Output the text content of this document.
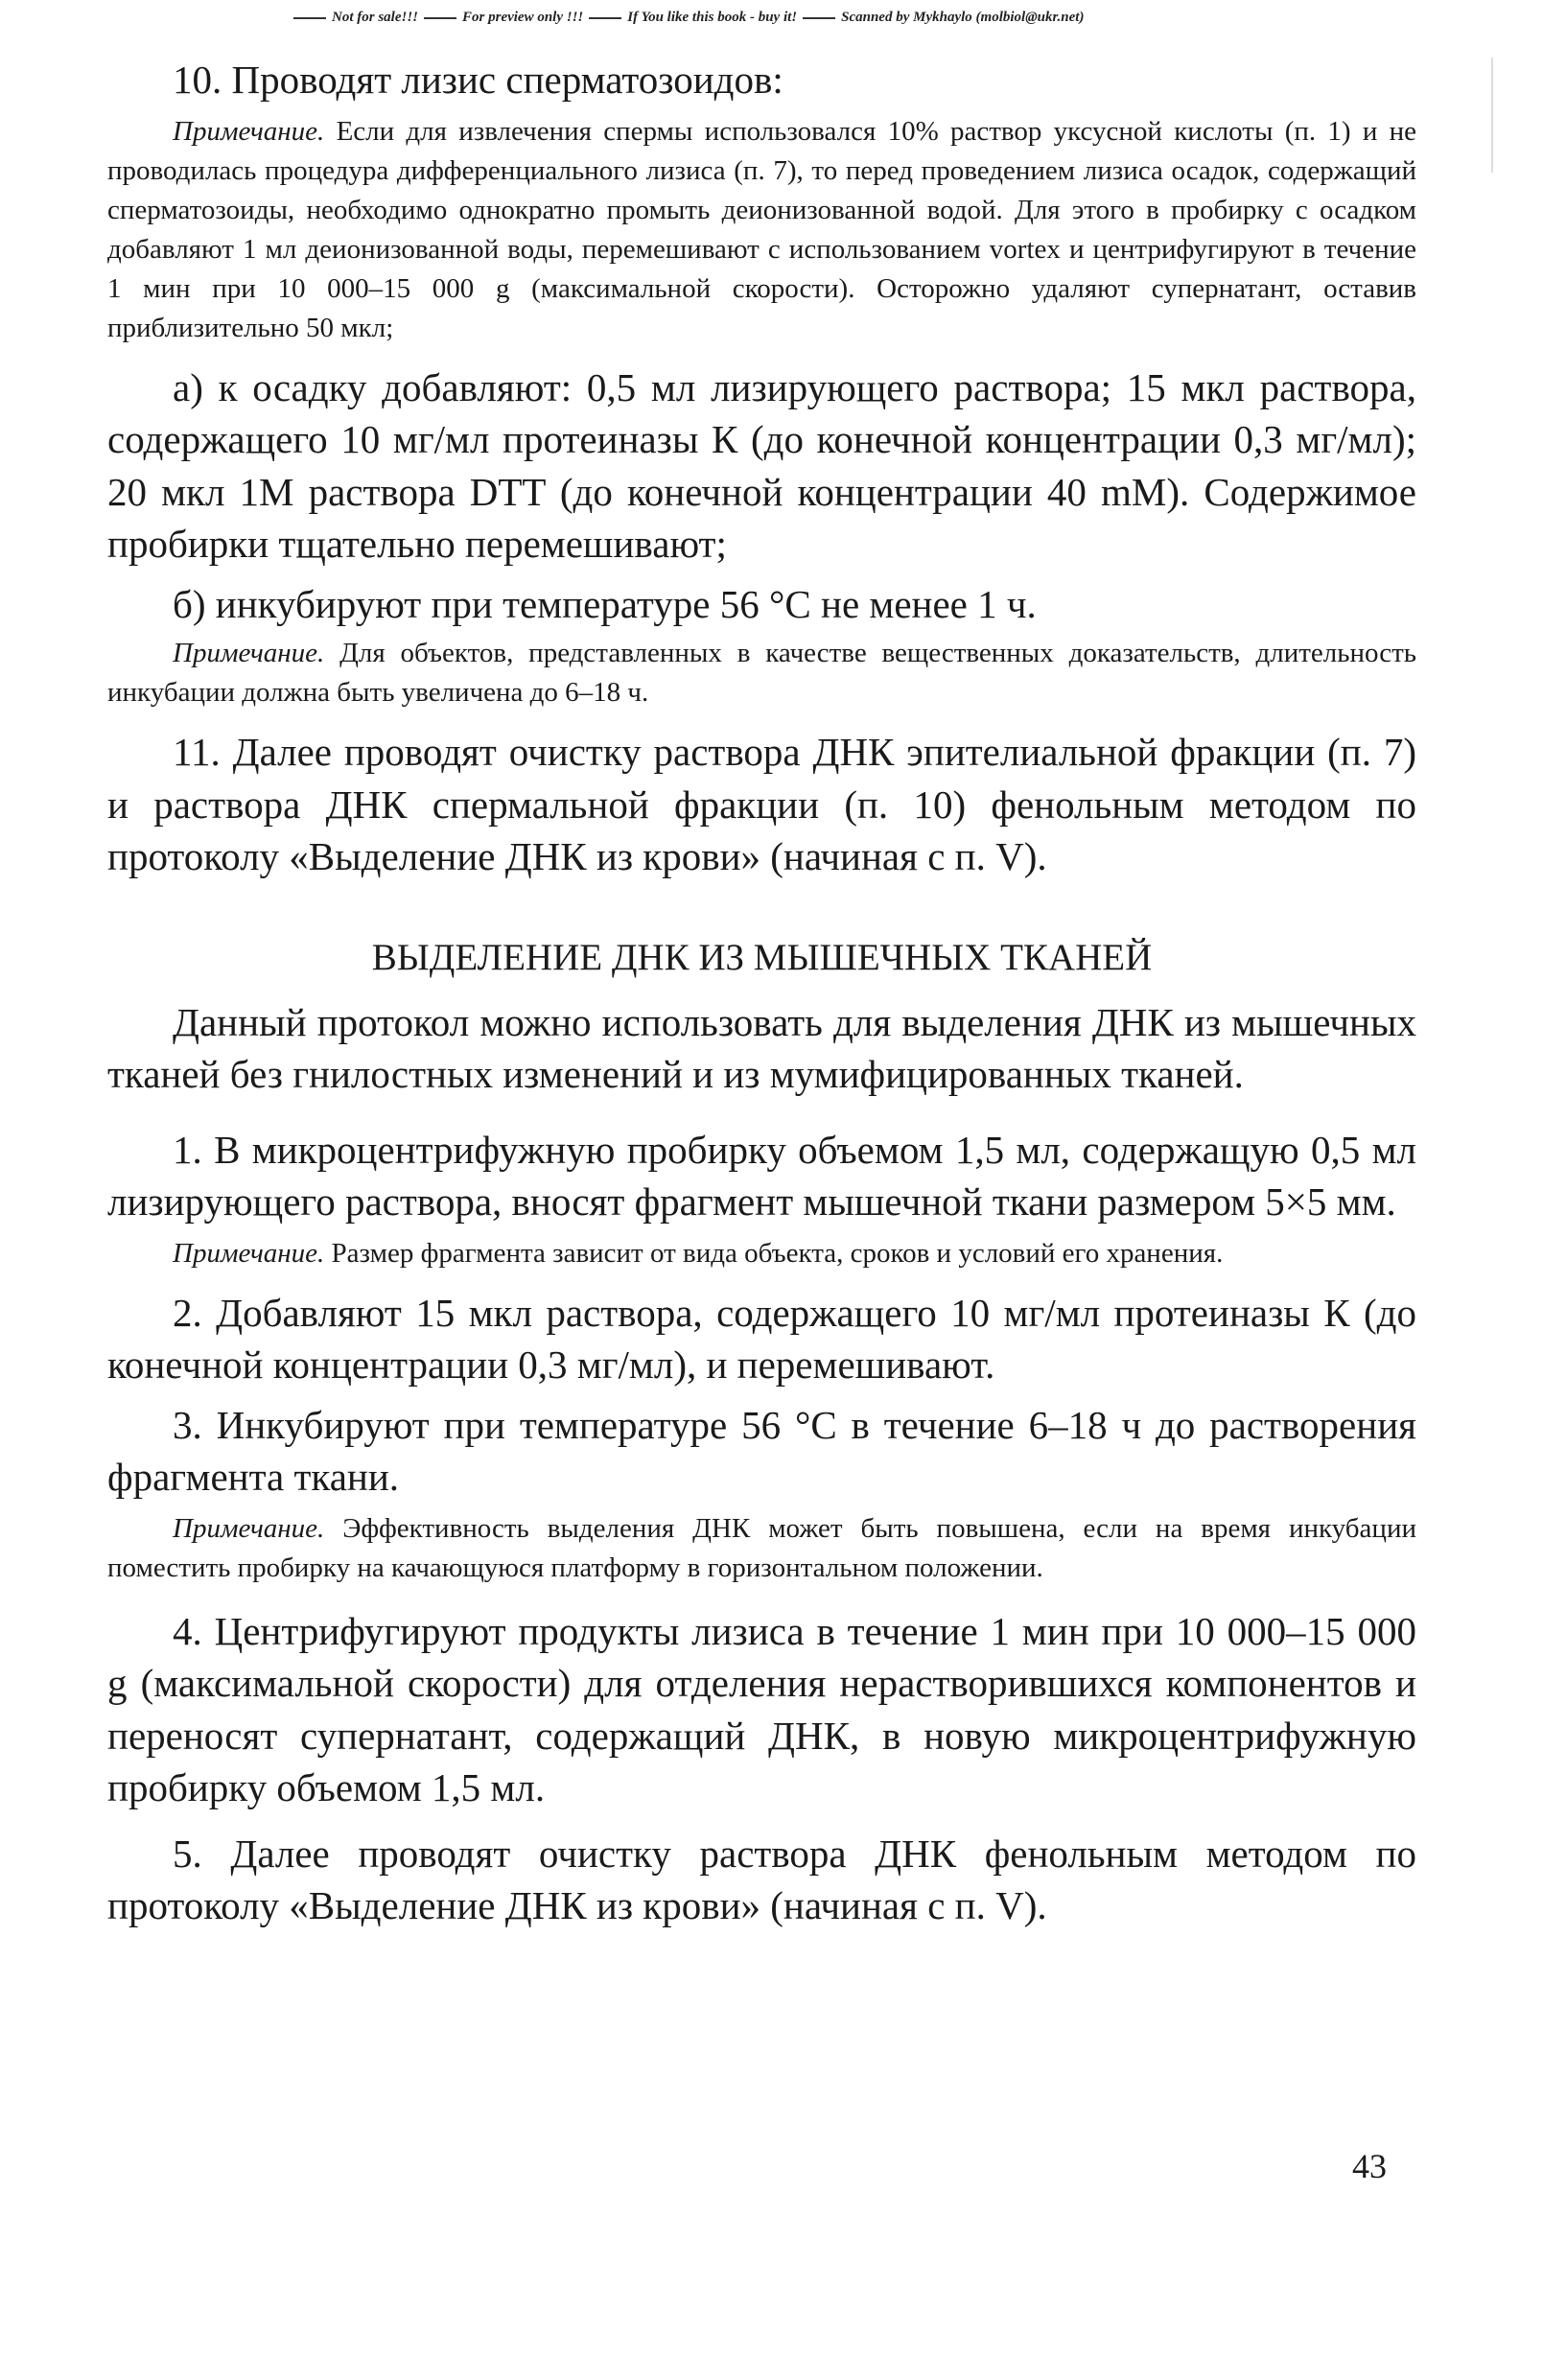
Not for sale!!!	For preview only !!!	If You like this book - buy it!	Scanned by Mykhaylo (molbiol@ukr.net)

10. Проводят лизис сперматозоидов:

Примечание. Если для извлечения спермы использовался 10% раствор уксусной кислоты (п. 1) и не проводилась процедура дифференциального лизиса (п. 7), то перед проведением лизиса осадок, содержащий сперматозоиды, необходимо однократно промыть деионизованной водой. Для этого в пробирку с осадком добавляют 1 мл деионизованной воды, перемешивают с использованием vortex и центрифугируют в течение 1 мин при 10 000–15 000 g (максимальной скорости). Осторожно удаляют супернатант, оставив приблизительно 50 мкл;

а) к осадку добавляют: 0,5 мл лизирующего раствора; 15 мкл раствора, содержащего 10 мг/мл протеиназы К (до конечной концентрации 0,3 мг/мл); 20 мкл 1М раствора DTT (до конечной концентрации 40 mM). Содержимое пробирки тщательно перемешивают;

б) инкубируют при температуре 56 °С не менее 1 ч.

Примечание. Для объектов, представленных в качестве вещественных доказательств, длительность инкубации должна быть увеличена до 6–18 ч.

11. Далее проводят очистку раствора ДНК эпителиальной фракции (п. 7) и раствора ДНК спермальной фракции (п. 10) фенольным методом по протоколу «Выделение ДНК из крови» (начиная с п. V).

ВЫДЕЛЕНИЕ ДНК ИЗ МЫШЕЧНЫХ ТКАНЕЙ

Данный протокол можно использовать для выделения ДНК из мышечных тканей без гнилостных изменений и из мумифицированных тканей.

1. В микроцентрифужную пробирку объемом 1,5 мл, содержащую 0,5 мл лизирующего раствора, вносят фрагмент мышечной ткани размером 5×5 мм.

Примечание. Размер фрагмента зависит от вида объекта, сроков и условий его хранения.

2. Добавляют 15 мкл раствора, содержащего 10 мг/мл протеиназы К (до конечной концентрации 0,3 мг/мл), и перемешивают.

3. Инкубируют при температуре 56 °С в течение 6–18 ч до растворения фрагмента ткани.

Примечание. Эффективность выделения ДНК может быть повышена, если на время инкубации поместить пробирку на качающуюся платформу в горизонтальном положении.

4. Центрифугируют продукты лизиса в течение 1 мин при 10 000–15 000 g (максимальной скорости) для отделения нерастворившихся компонентов и переносят супернатант, содержащий ДНК, в новую микроцентрифужную пробирку объемом 1,5 мл.

5. Далее проводят очистку раствора ДНК фенольным методом по протоколу «Выделение ДНК из крови» (начиная с п. V).

43
